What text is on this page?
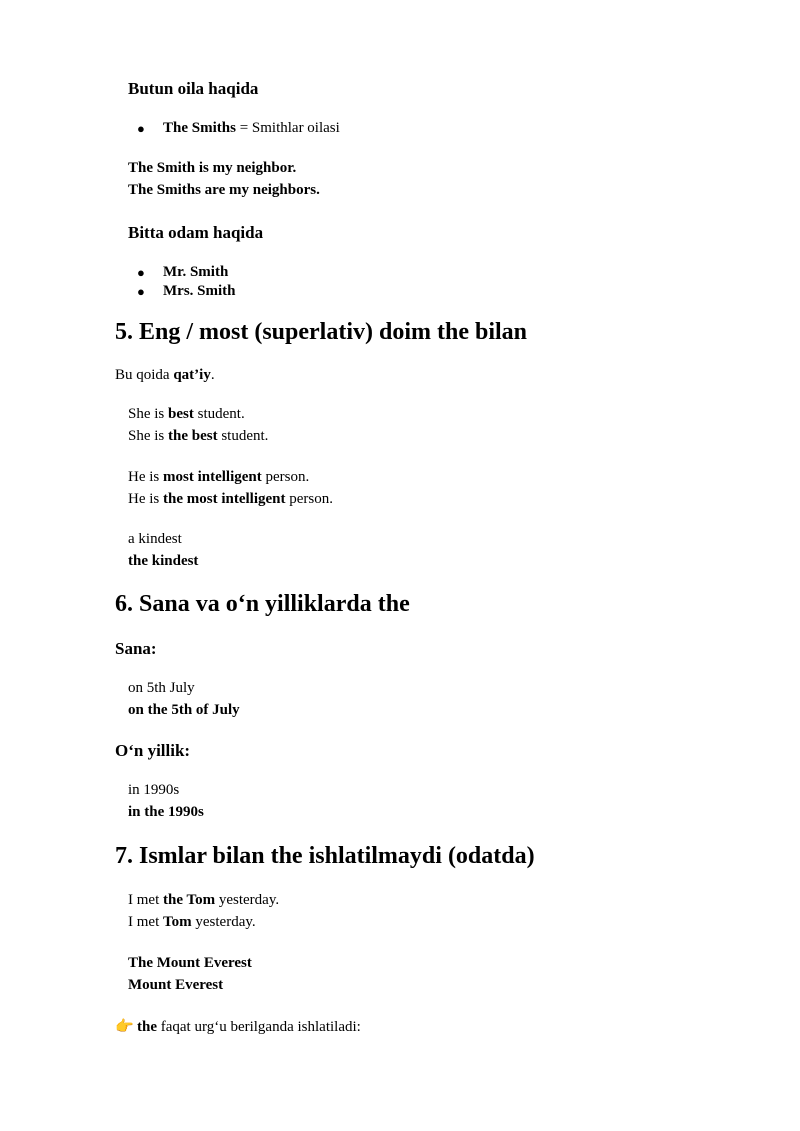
Butun oila haqida
● The Smiths = Smithlar oilasi
The Smith is my neighbor.
The Smiths are my neighbors.
Bitta odam haqida
● Mr. Smith
● Mrs. Smith
5. Eng / most (superlativ) doim the bilan
Bu qoida qat’iy.
She is best student.
She is the best student.
He is most intelligent person.
He is the most intelligent person.
a kindest
the kindest
6. Sana va o‘n yilliklarda the
Sana:
on 5th July
on the 5th of July
O‘n yillik:
in 1990s
in the 1990s
7. Ismlar bilan the ishlatilmaydi (odatda)
I met the Tom yesterday.
I met Tom yesterday.
The Mount Everest
Mount Everest
👉 the faqat urg‘u berilganda ishlatiladi:
